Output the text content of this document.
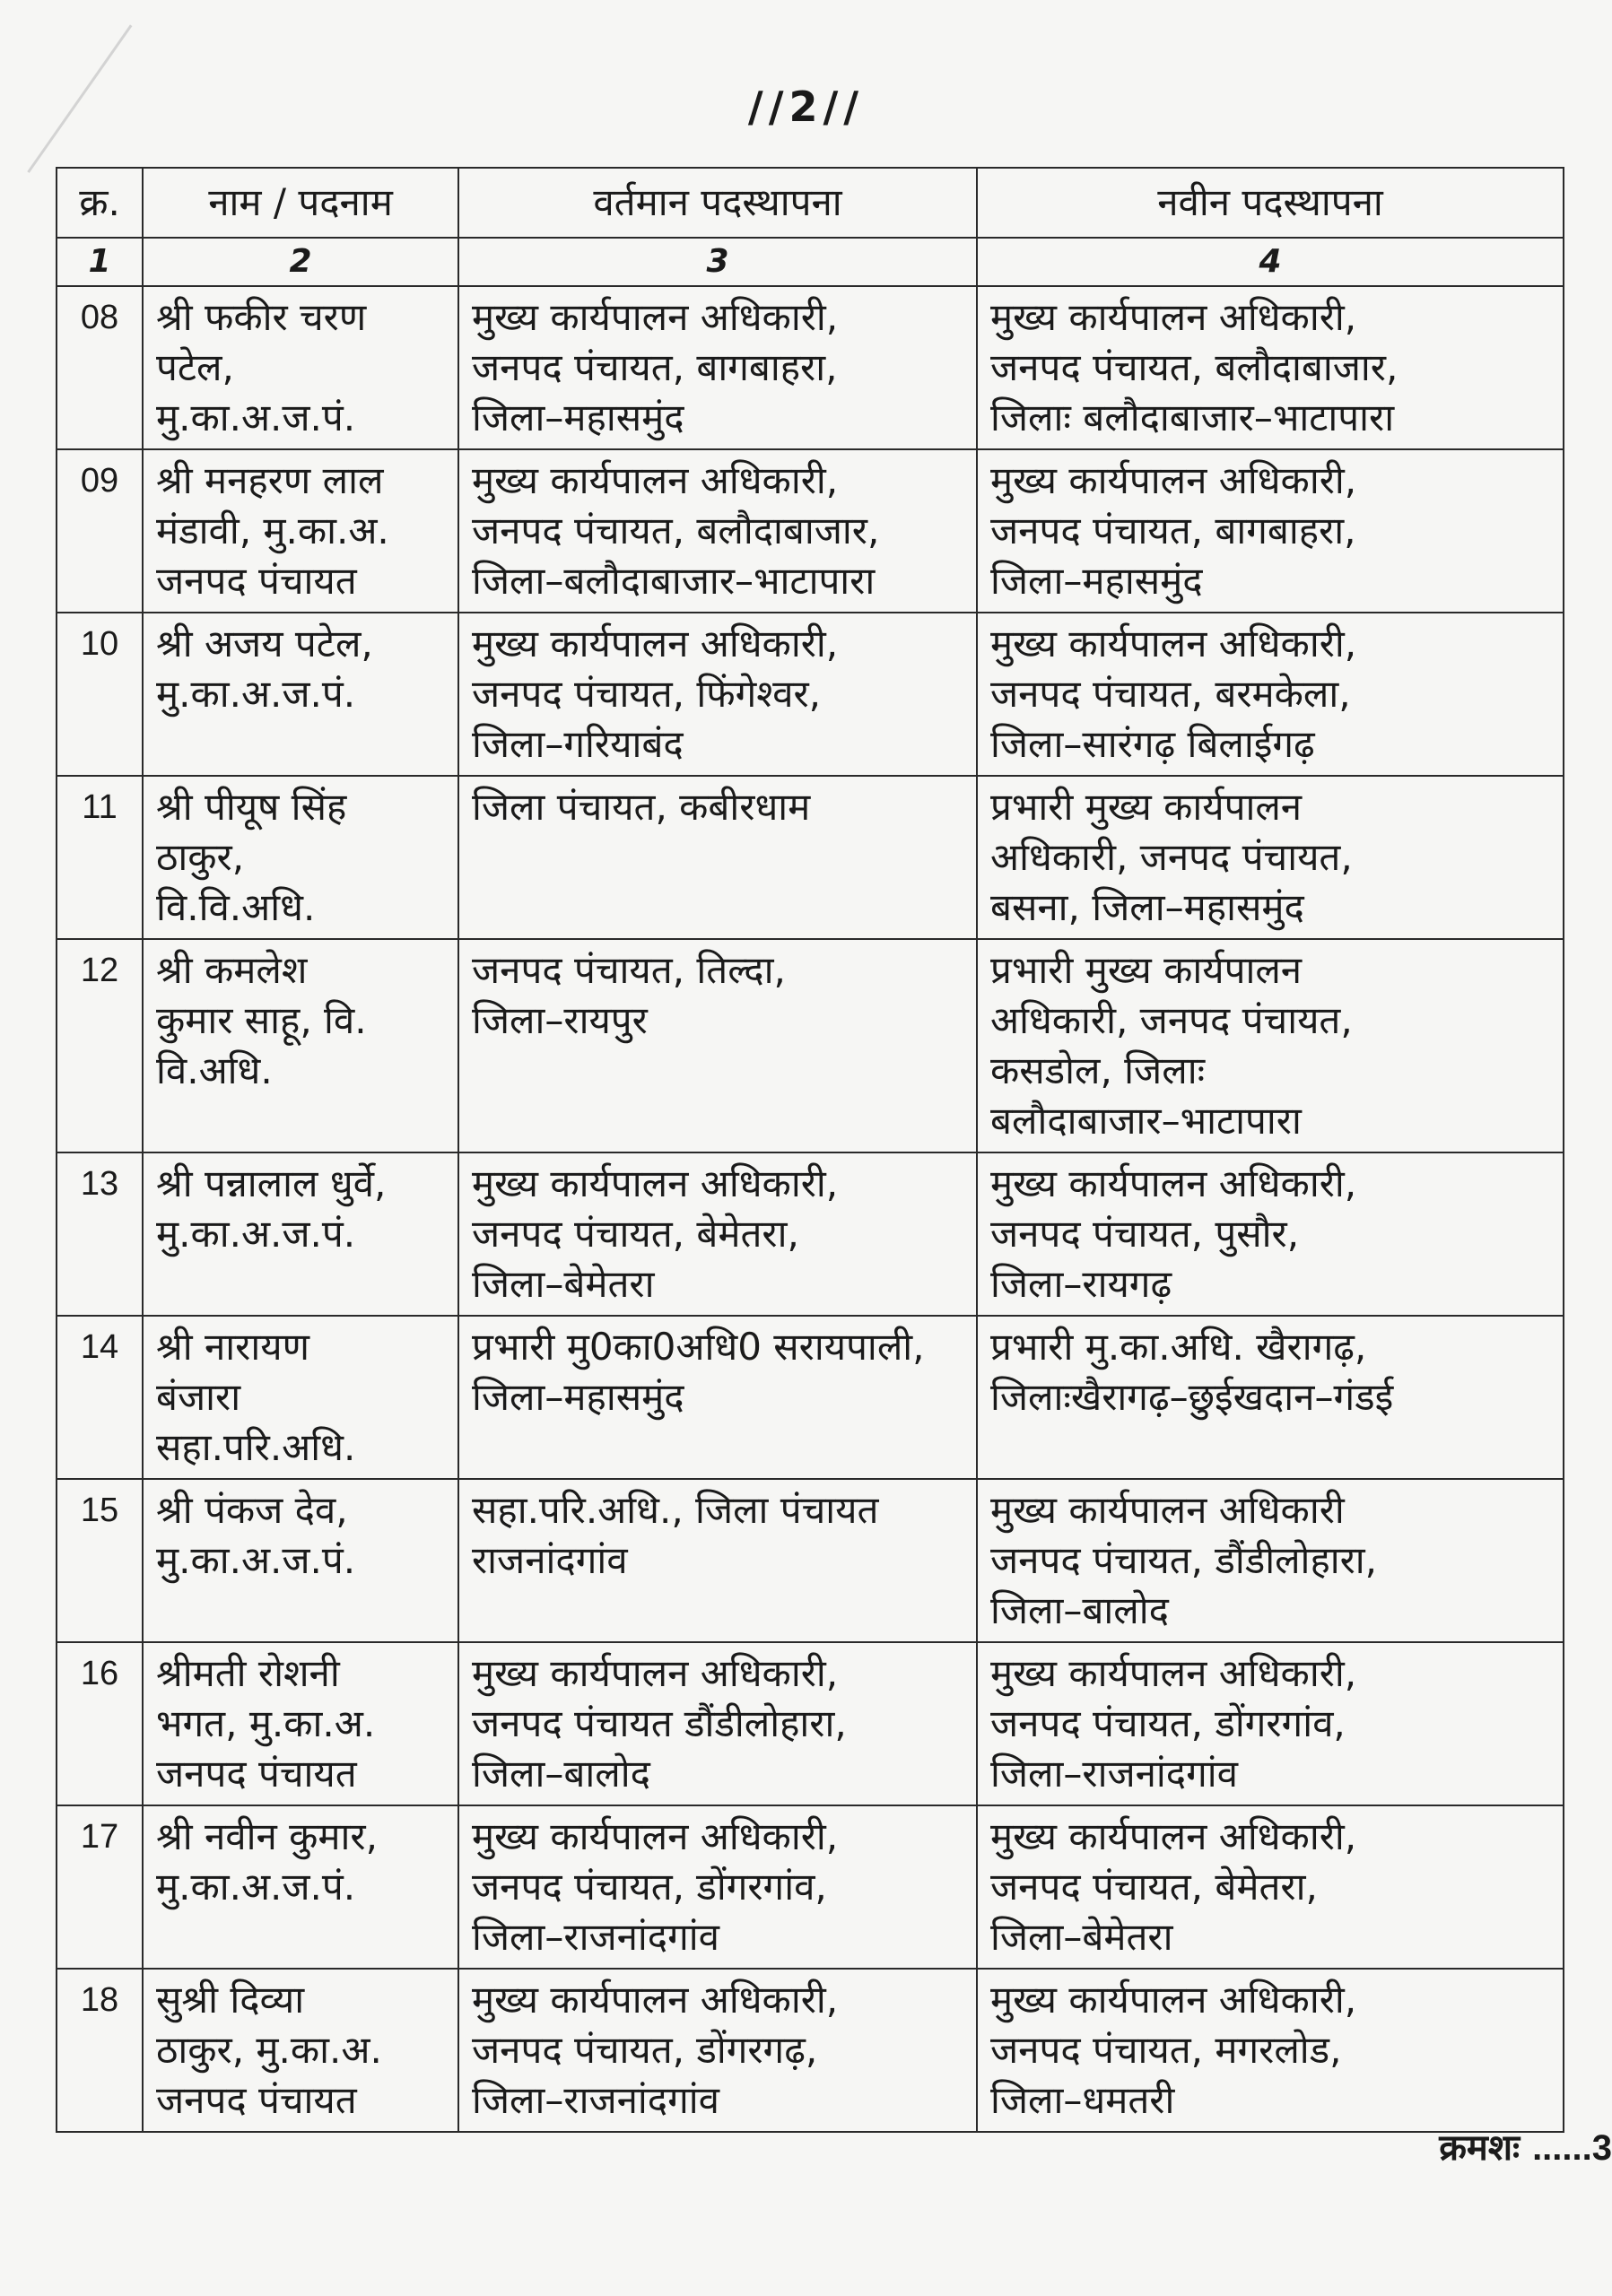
//2//
क्र.	नाम / पदनाम	वर्तमान पदस्थापना	नवीन पदस्थापना
1	2	3	4
08	श्री फकीर चरण
पटेल,
मु.का.अ.ज.पं.	मुख्य कार्यपालन अधिकारी,
जनपद पंचायत, बागबाहरा,
जिला–महासमुंद	मुख्य कार्यपालन अधिकारी,
जनपद पंचायत, बलौदाबाजार,
जिलाः बलौदाबाजार–भाटापारा

09	श्री मनहरण लाल
मंडावी, मु.का.अ.
जनपद पंचायत	मुख्य कार्यपालन अधिकारी,
जनपद पंचायत, बलौदाबाजार,
जिला–बलौदाबाजार–भाटापारा	मुख्य कार्यपालन अधिकारी,
जनपद पंचायत, बागबाहरा,
जिला–महासमुंद

10	श्री अजय पटेल,
मु.का.अ.ज.पं.	मुख्य कार्यपालन अधिकारी,
जनपद पंचायत, फिंगेश्वर,
जिला–गरियाबंद	मुख्य कार्यपालन अधिकारी,
जनपद पंचायत, बरमकेला,
जिला–सारंगढ़ बिलाईगढ़

11	श्री पीयूष सिंह
ठाकुर,
वि.वि.अधि.	जिला पंचायत, कबीरधाम	प्रभारी मुख्य कार्यपालन
अधिकारी, जनपद पंचायत,
बसना, जिला–महासमुंद

12	श्री कमलेश
कुमार साहू, वि.
वि.अधि.	जनपद पंचायत, तिल्दा,
जिला–रायपुर	प्रभारी मुख्य कार्यपालन
अधिकारी, जनपद पंचायत,
कसडोल, जिलाः
बलौदाबाजार–भाटापारा

13	श्री पन्नालाल धुर्वे,
मु.का.अ.ज.पं.	मुख्य कार्यपालन अधिकारी,
जनपद पंचायत, बेमेतरा,
जिला–बेमेतरा	मुख्य कार्यपालन अधिकारी,
जनपद पंचायत, पुसौर,
जिला–रायगढ़

14	श्री नारायण
बंजारा
सहा.परि.अधि.	प्रभारी मु0का0अधि0 सरायपाली,
जिला–महासमुंद	प्रभारी मु.का.अधि. खैरागढ़,
जिलाःखैरागढ़–छुईखदान–गंडई

15	श्री पंकज देव,
मु.का.अ.ज.पं.	सहा.परि.अधि., जिला पंचायत
राजनांदगांव	मुख्य कार्यपालन अधिकारी
जनपद पंचायत, डौंडीलोहारा,
जिला–बालोद

16	श्रीमती रोशनी
भगत, मु.का.अ.
जनपद पंचायत	मुख्य कार्यपालन अधिकारी,
जनपद पंचायत डौंडीलोहारा,
जिला–बालोद	मुख्य कार्यपालन अधिकारी,
जनपद पंचायत, डोंगरगांव,
जिला–राजनांदगांव

17	श्री नवीन कुमार,
मु.का.अ.ज.पं.	मुख्य कार्यपालन अधिकारी,
जनपद पंचायत, डोंगरगांव,
जिला–राजनांदगांव	मुख्य कार्यपालन अधिकारी,
जनपद पंचायत, बेमेतरा,
जिला–बेमेतरा

18	सुश्री दिव्या
ठाकुर, मु.का.अ.
जनपद पंचायत	मुख्य कार्यपालन अधिकारी,
जनपद पंचायत, डोंगरगढ़,
जिला–राजनांदगांव	मुख्य कार्यपालन अधिकारी,
जनपद पंचायत, मगरलोड,
जिला–धमतरी
क्रमशः ......3
